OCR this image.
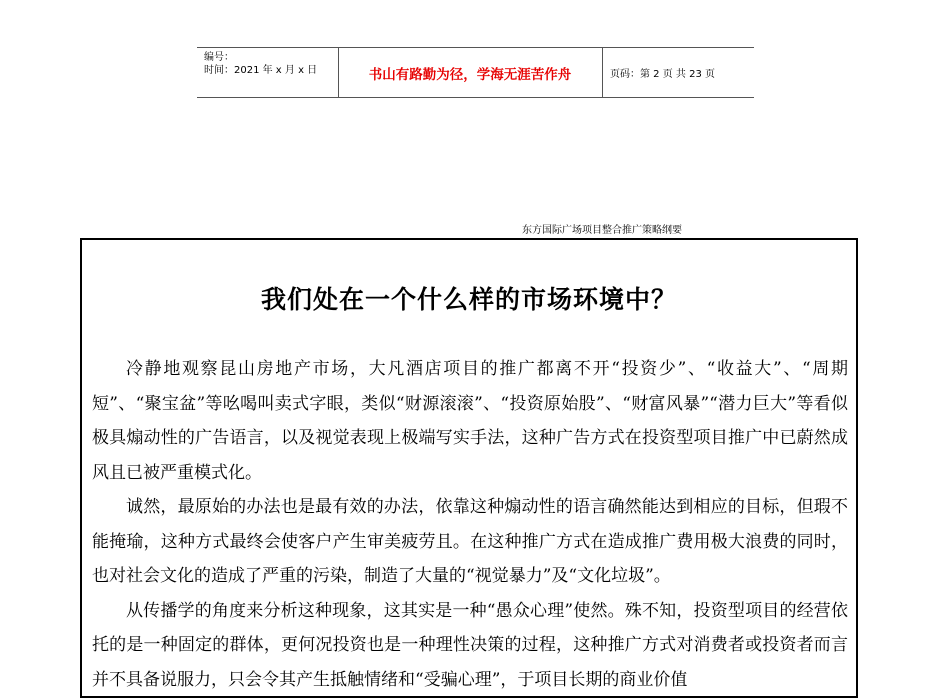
编号：
时间：2021 年 x 月 x 日	书山有路勤为径，学海无涯苦作舟	页码：第 2 页 共 23 页
东方国际广场项目整合推广策略纲要
我们处在一个什么样的市场环境中？

冷静地观察昆山房地产市场，大凡酒店项目的推广都离不开“投资少”、“收益大”、“周期短”、“聚宝盆”等吆喝叫卖式字眼，类似“财源滚滚”、“投资原始股”、“财富风暴”“潜力巨大”等看似极具煽动性的广告语言，以及视觉表现上极端写实手法，这种广告方式在投资型项目推广中已蔚然成风且已被严重模式化。

诚然，最原始的办法也是最有效的办法，依靠这种煽动性的语言确然能达到相应的目标，但瑕不能掩瑜，这种方式最终会使客户产生审美疲劳且。在这种推广方式在造成推广费用极大浪费的同时，也对社会文化的造成了严重的污染，制造了大量的“视觉暴力”及“文化垃圾”。

从传播学的角度来分析这种现象，这其实是一种“愚众心理”使然。殊不知，投资型项目的经营依托的是一种固定的群体，更何况投资也是一种理性决策的过程，这种推广方式对消费者或投资者而言并不具备说服力，只会令其产生抵触情绪和“受骗心理”，于项目长期的商业价值
